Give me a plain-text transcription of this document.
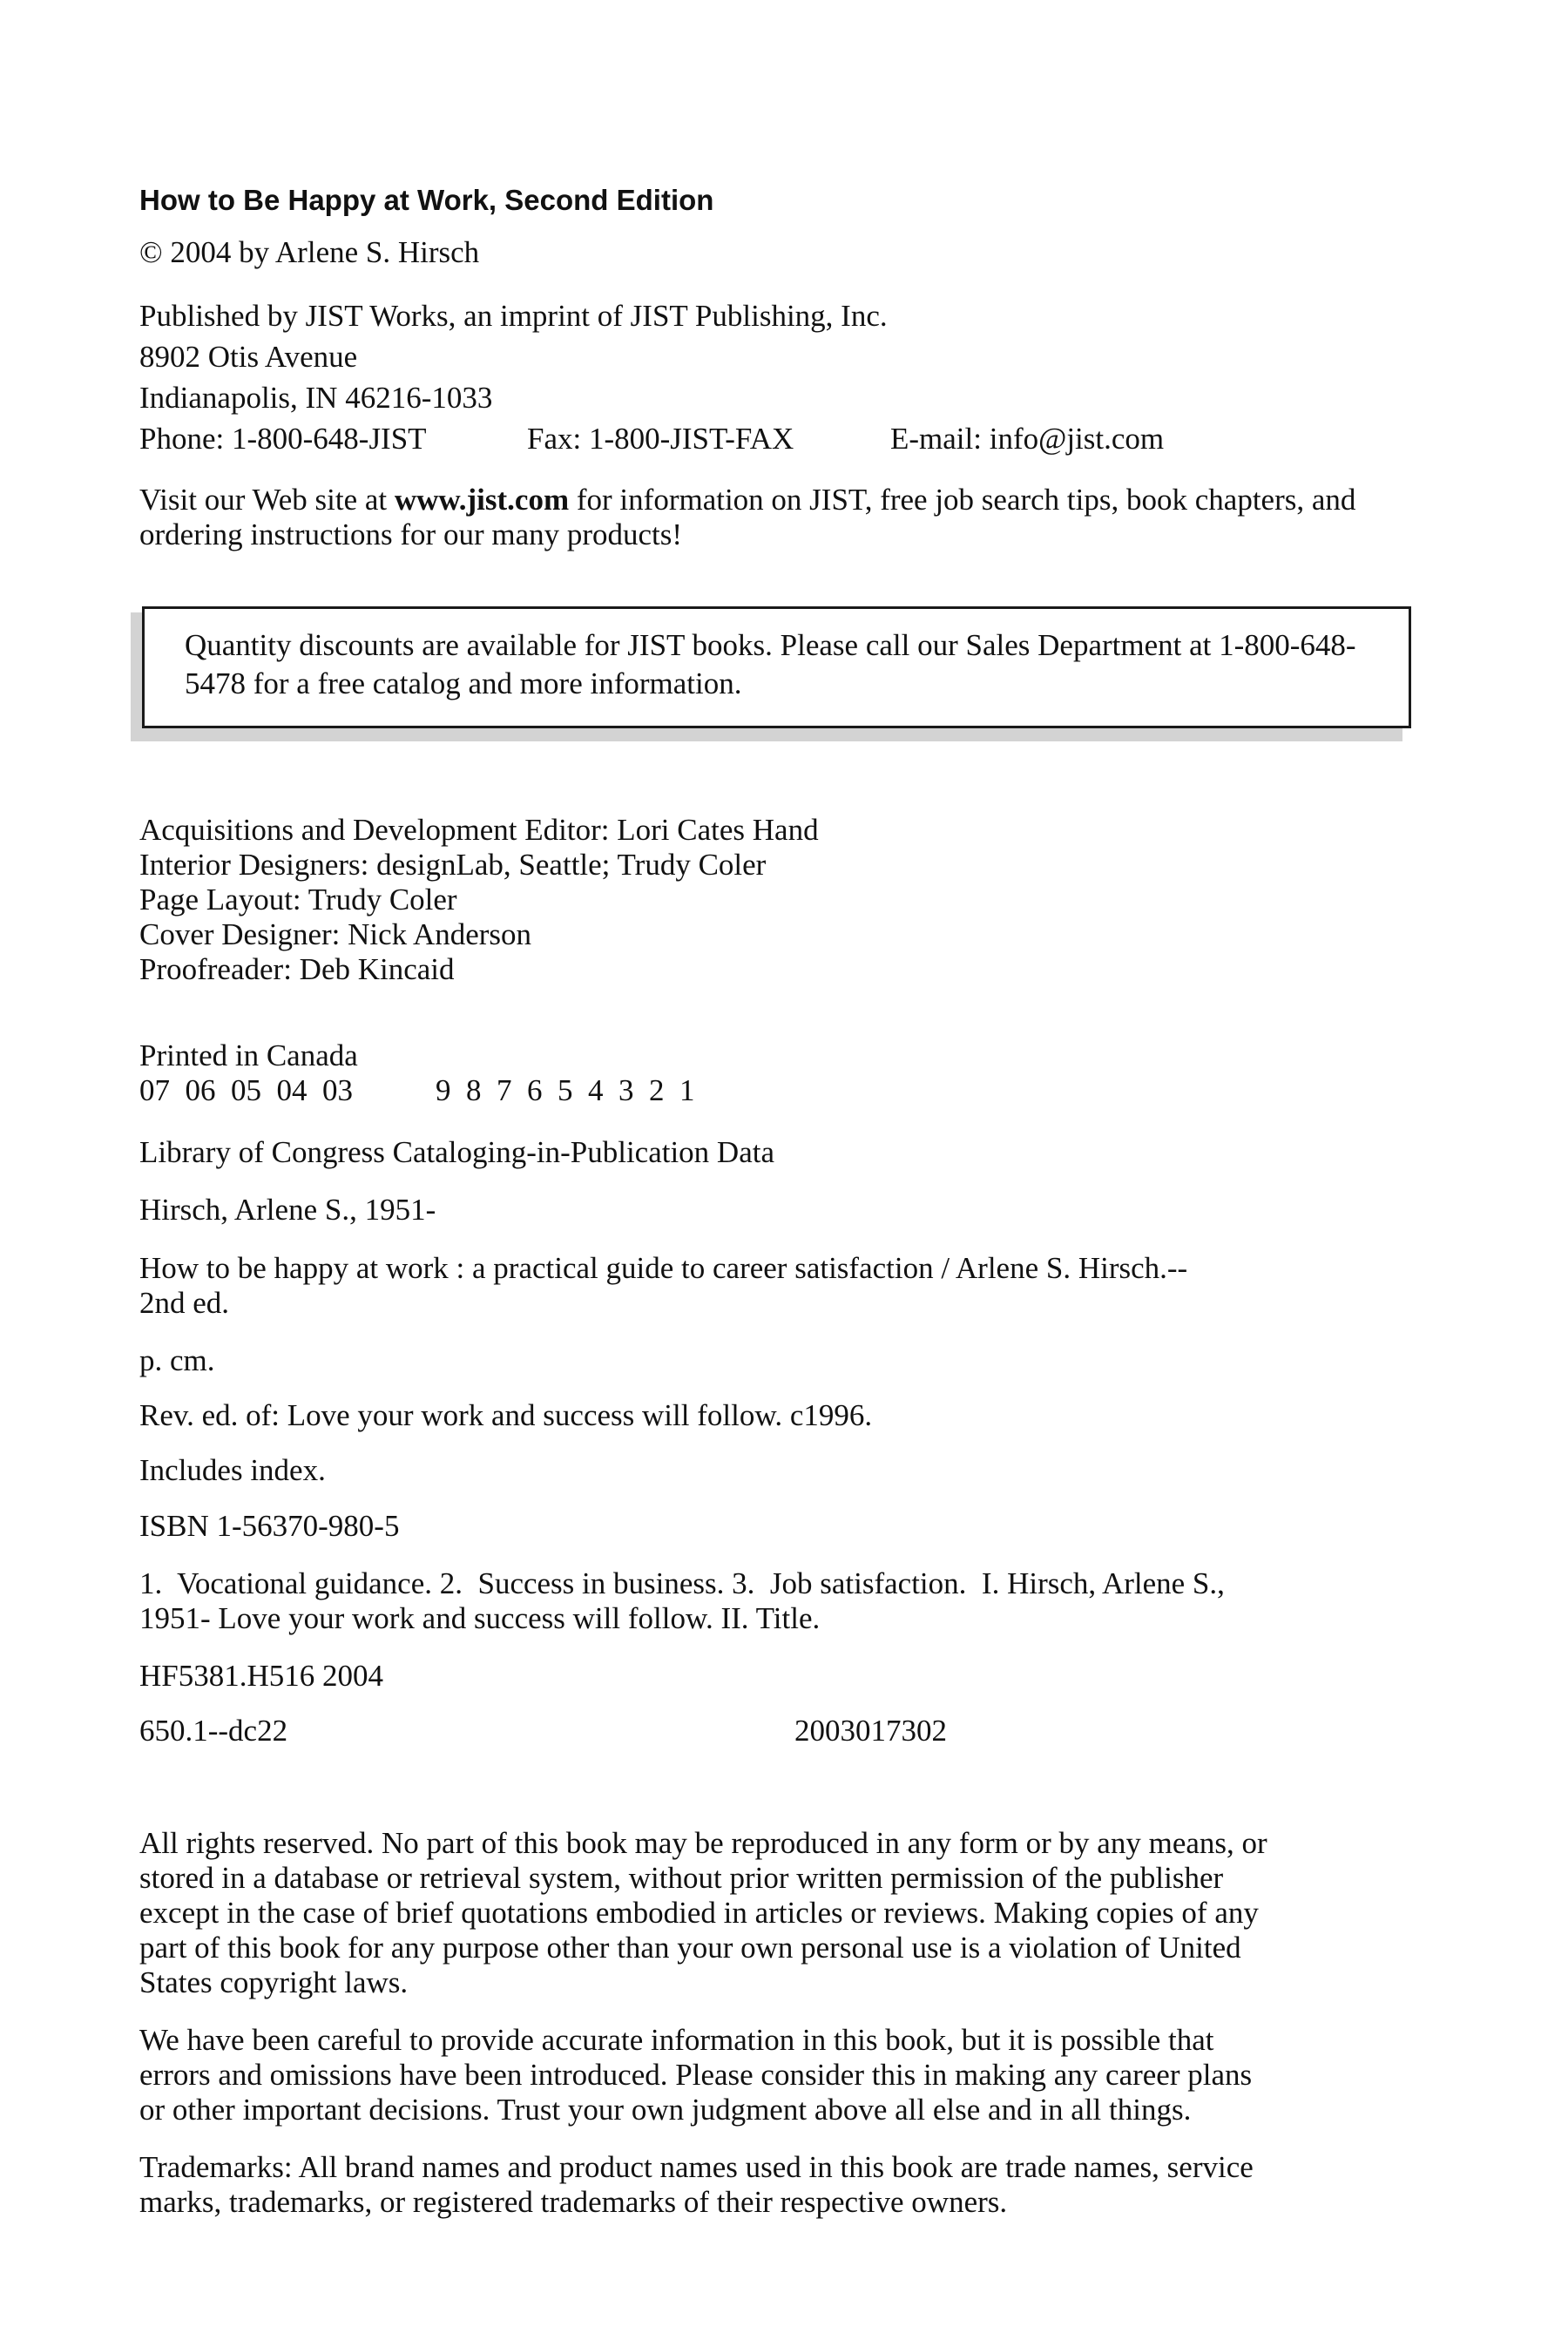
How to Be Happy at Work, Second Edition
© 2004 by Arlene S. Hirsch
Published by JIST Works, an imprint of JIST Publishing, Inc.
8902 Otis Avenue
Indianapolis, IN 46216-1033
Phone: 1-800-648-JIST	Fax: 1-800-JIST-FAX	E-mail: info@jist.com
Visit our Web site at www.jist.com for information on JIST, free job search tips, book chapters, and ordering instructions for our many products!

Quantity discounts are available for JIST books. Please call our Sales Department at 1-800-648-5478 for a free catalog and more information.

Acquisitions and Development Editor: Lori Cates Hand
Interior Designers: designLab, Seattle; Trudy Coler
Page Layout: Trudy Coler
Cover Designer: Nick Anderson
Proofreader: Deb Kincaid
Printed in Canada
07  06  05  04  03	9  8  7  6  5  4  3  2  1
Library of Congress Cataloging-in-Publication Data
Hirsch, Arlene S., 1951-
How to be happy at work : a practical guide to career satisfaction / Arlene S. Hirsch.--
2nd ed.
p. cm.
Rev. ed. of: Love your work and success will follow. c1996.
Includes index.
ISBN 1-56370-980-5
1.  Vocational guidance. 2.  Success in business. 3.  Job satisfaction.  I. Hirsch, Arlene S.,
1951- Love your work and success will follow. II. Title.
HF5381.H516 2004
650.1--dc22	2003017302
All rights reserved. No part of this book may be reproduced in any form or by any means, or
stored in a database or retrieval system, without prior written permission of the publisher
except in the case of brief quotations embodied in articles or reviews. Making copies of any
part of this book for any purpose other than your own personal use is a violation of United
States copyright laws.
We have been careful to provide accurate information in this book, but it is possible that
errors and omissions have been introduced. Please consider this in making any career plans
or other important decisions. Trust your own judgment above all else and in all things.
Trademarks: All brand names and product names used in this book are trade names, service
marks, trademarks, or registered trademarks of their respective owners.
